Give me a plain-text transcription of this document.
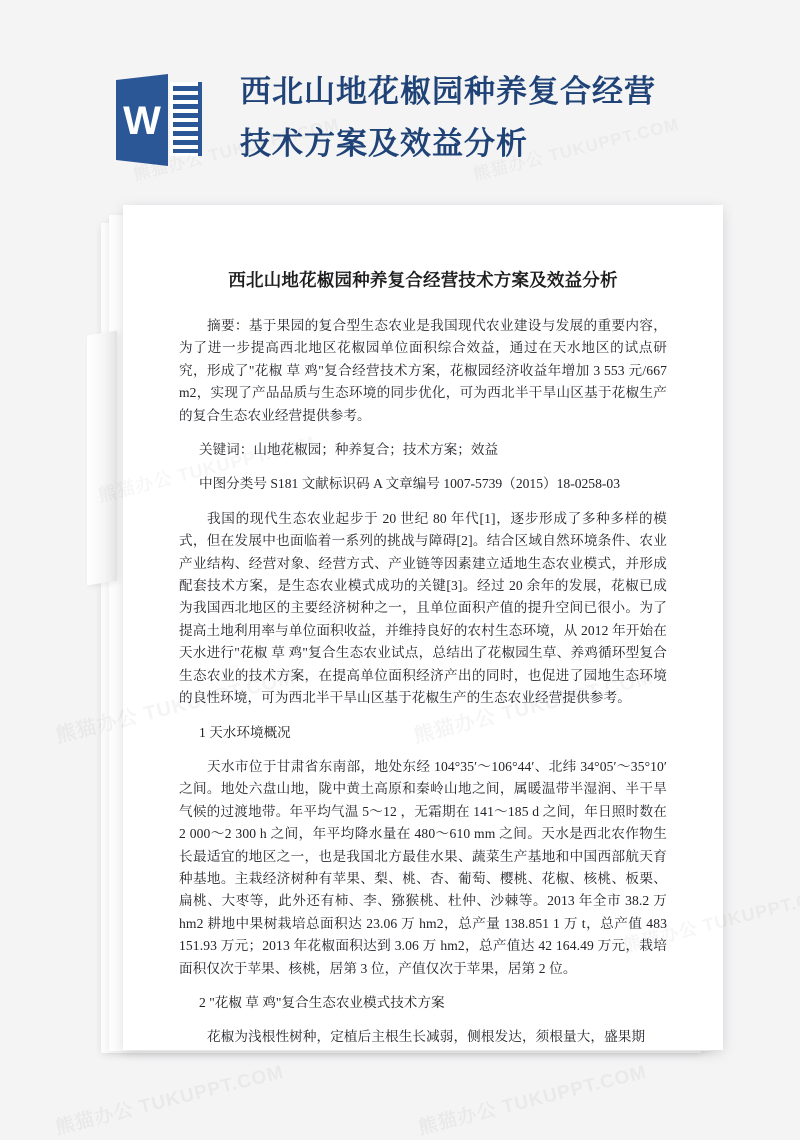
W
西北山地花椒园种养复合经营
技术方案及效益分析
西北山地花椒园种养复合经营技术方案及效益分析

摘要：基于果园的复合型生态农业是我国现代农业建设与发展的重要内容，为了进一步提高西北地区花椒园单位面积综合效益，通过在天水地区的试点研究，形成了"花椒 草 鸡"复合经营技术方案，花椒园经济收益年增加 3 553 元/667 m2，实现了产品品质与生态环境的同步优化，可为西北半干旱山区基于花椒生产的复合生态农业经营提供参考。

关键词：山地花椒园；种养复合；技术方案；效益

中图分类号 S181 文献标识码 A 文章编号 1007-5739（2015）18-0258-03

我国的现代生态农业起步于 20 世纪 80 年代[1]，逐步形成了多种多样的模式，但在发展中也面临着一系列的挑战与障碍[2]。结合区域自然环境条件、农业产业结构、经营对象、经营方式、产业链等因素建立适地生态农业模式，并形成配套技术方案，是生态农业模式成功的关键[3]。经过 20 余年的发展，花椒已成为我国西北地区的主要经济树种之一，且单位面积产值的提升空间已很小。为了提高土地利用率与单位面积收益，并维持良好的农村生态环境，从 2012 年开始在天水进行"花椒 草 鸡"复合生态农业试点，总结出了花椒园生草、养鸡循环型复合生态农业的技术方案，在提高单位面积经济产出的同时，也促进了园地生态环境的良性环境，可为西北半干旱山区基于花椒生产的生态农业经营提供参考。

1 天水环境概况

天水市位于甘肃省东南部，地处东经 104°35′～106°44′、北纬 34°05′～35°10′之间。地处六盘山地，陇中黄土高原和秦岭山地之间，属暖温带半湿润、半干旱气候的过渡地带。年平均气温 5～12 ，无霜期在 141～185 d 之间，年日照时数在 2 000～2 300 h 之间，年平均降水量在 480～610 mm 之间。天水是西北农作物生长最适宜的地区之一，也是我国北方最佳水果、蔬菜生产基地和中国西部航天育种基地。主栽经济树种有苹果、梨、桃、杏、葡萄、樱桃、花椒、核桃、板栗、扁桃、大枣等，此外还有柿、李、猕猴桃、杜仲、沙棘等。2013 年全市 38.2 万 hm2 耕地中果树栽培总面积达 23.06 万 hm2，总产量 138.851 1 万 t，总产值 483 151.93 万元；2013 年花椒面积达到 3.06 万 hm2，总产值达 42 164.49 万元，栽培面积仅次于苹果、核桃，居第 3 位，产值仅次于苹果，居第 2 位。

2 "花椒 草 鸡"复合生态农业模式技术方案

花椒为浅根性树种，定植后主根生长减弱，侧根发达，须根量大，盛果期
